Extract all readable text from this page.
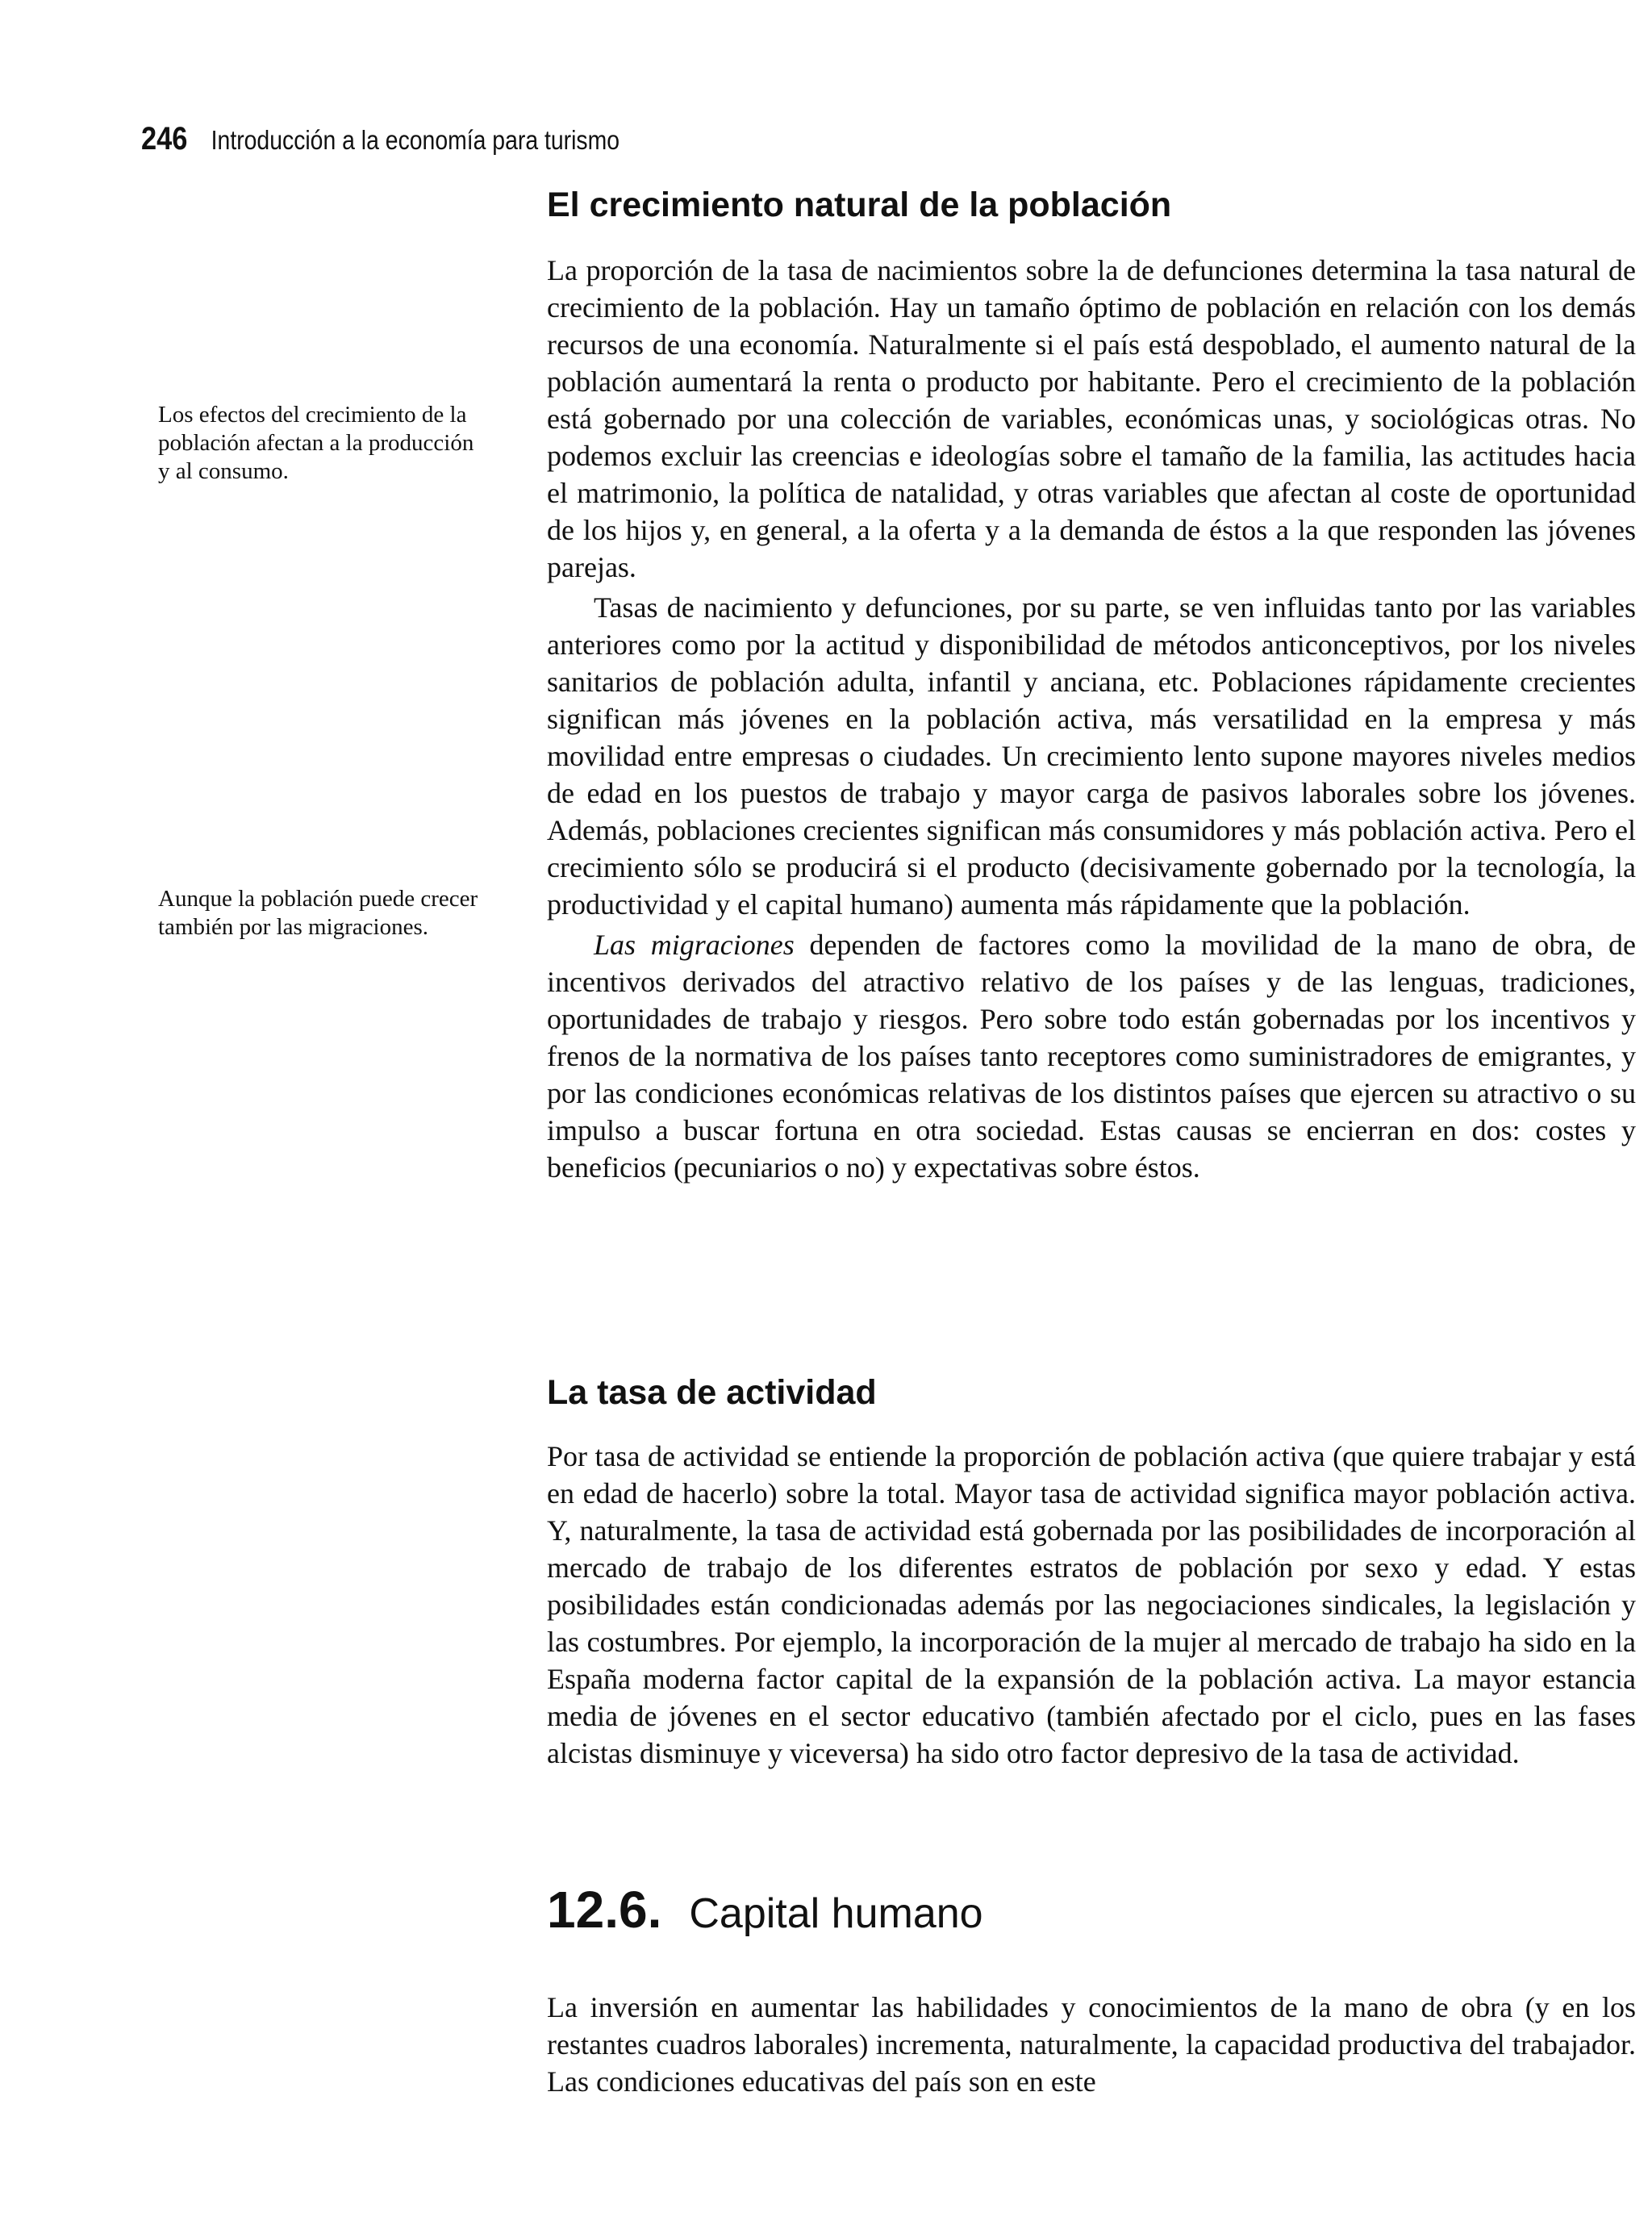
246 Introducción a la economía para turismo
El crecimiento natural de la población

La proporción de la tasa de nacimientos sobre la de defunciones determina la tasa natural de crecimiento de la población. Hay un tamaño óptimo de población en relación con los demás recursos de una economía. Naturalmente si el país está despoblado, el aumento natural de la población aumentará la renta o producto por habitante. Pero el crecimiento de la población está gobernado por una colección de variables, económicas unas, y sociológicas otras. No podemos excluir las creencias e ideologías sobre el tamaño de la familia, las actitudes hacia el matrimonio, la política de natalidad, y otras variables que afectan al coste de oportunidad de los hijos y, en general, a la oferta y a la demanda de éstos a la que responden las jóvenes parejas.

Tasas de nacimiento y defunciones, por su parte, se ven influidas tanto por las variables anteriores como por la actitud y disponibilidad de métodos anticonceptivos, por los niveles sanitarios de población adulta, infantil y anciana, etc. Poblaciones rápidamente crecientes significan más jóvenes en la población activa, más versatilidad en la empresa y más movilidad entre empresas o ciudades. Un crecimiento lento supone mayores niveles medios de edad en los puestos de trabajo y mayor carga de pasivos laborales sobre los jóvenes. Además, poblaciones crecientes significan más consumidores y más población activa. Pero el crecimiento sólo se producirá si el producto (decisivamente gobernado por la tecnología, la productividad y el capital humano) aumenta más rápidamente que la población.

Las migraciones dependen de factores como la movilidad de la mano de obra, de incentivos derivados del atractivo relativo de los países y de las lenguas, tradiciones, oportunidades de trabajo y riesgos. Pero sobre todo están gobernadas por los incentivos y frenos de la normativa de los países tanto receptores como suministradores de emigrantes, y por las condiciones económicas relativas de los distintos países que ejercen su atractivo o su impulso a buscar fortuna en otra sociedad. Estas causas se encierran en dos: costes y beneficios (pecuniarios o no) y expectativas sobre éstos.

Los efectos del crecimiento de la población afectan a la producción y al consumo.

Aunque la población puede crecer también por las migraciones.

La tasa de actividad

Por tasa de actividad se entiende la proporción de población activa (que quiere trabajar y está en edad de hacerlo) sobre la total. Mayor tasa de actividad significa mayor población activa. Y, naturalmente, la tasa de actividad está gobernada por las posibilidades de incorporación al mercado de trabajo de los diferentes estratos de población por sexo y edad. Y estas posibilidades están condicionadas además por las negociaciones sindicales, la legislación y las costumbres. Por ejemplo, la incorporación de la mujer al mercado de trabajo ha sido en la España moderna factor capital de la expansión de la población activa. La mayor estancia media de jóvenes en el sector educativo (también afectado por el ciclo, pues en las fases alcistas disminuye y viceversa) ha sido otro factor depresivo de la tasa de actividad.

12.6. Capital humano

La inversión en aumentar las habilidades y conocimientos de la mano de obra (y en los restantes cuadros laborales) incrementa, naturalmente, la capacidad productiva del trabajador. Las condiciones educativas del país son en este
